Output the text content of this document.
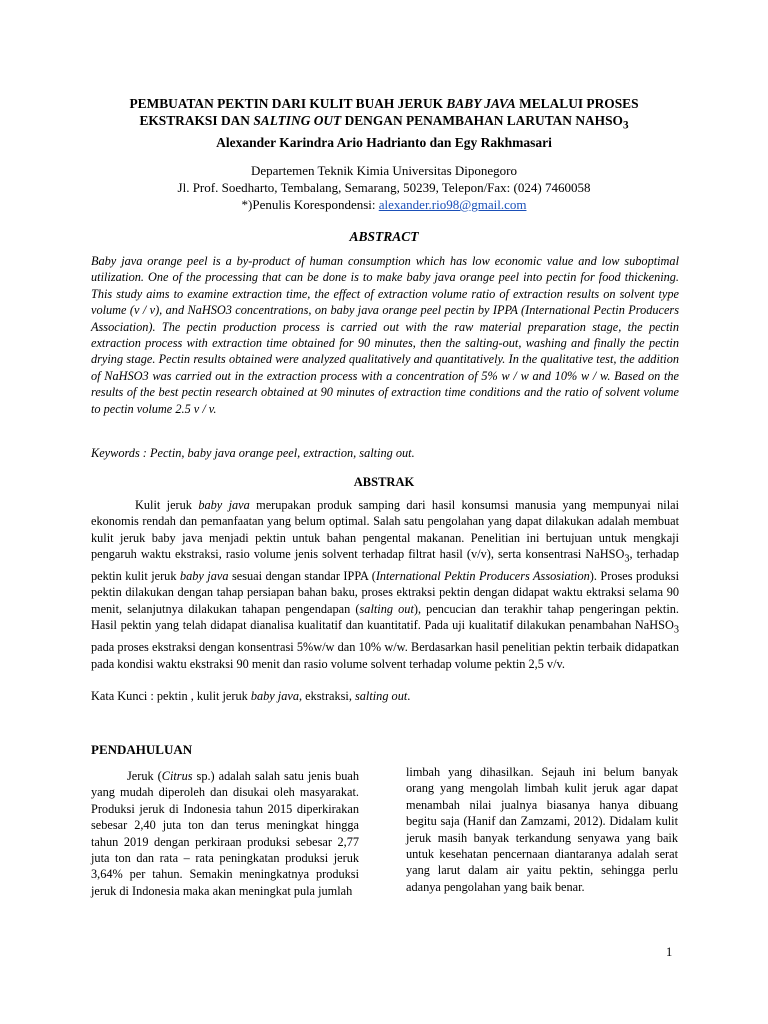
PEMBUATAN PEKTIN DARI KULIT BUAH JERUK BABY JAVA MELALUI PROSES
EKSTRAKSI DAN SALTING OUT DENGAN PENAMBAHAN LARUTAN $NAHSO_3$
Alexander Karindra Ario Hadrianto dan Egy Rakhmasari
Departemen Teknik Kimia Universitas Diponegoro
Jl. Prof. Soedharto, Tembalang, Semarang, 50239, Telepon/Fax: (024) 7460058
*)Penulis Korespondensi: alexander.rio98@gmail.com
ABSTRACT
Baby java orange peel is a by-product of human consumption which has low economic value and low suboptimal utilization. One of the processing that can be done is to make baby java orange peel into pectin for food thickening. This study aims to examine extraction time, the effect of extraction volume ratio of extraction results on solvent type volume (v / v), and NaHSO3 concentrations, on baby java orange peel pectin by IPPA (International Pectin Producers Association). The pectin production process is carried out with the raw material preparation stage, the pectin extraction process with extraction time obtained for 90 minutes, then the salting-out, washing and finally the pectin drying stage. Pectin results obtained were analyzed qualitatively and quantitatively. In the qualitative test, the addition of NaHSO3 was carried out in the extraction process with a concentration of 5% w / w and 10% w / w. Based on the results of the best pectin research obtained at 90 minutes of extraction time conditions and the ratio of solvent volume to pectin volume 2.5 v / v.
Keywords : Pectin, baby java orange peel, extraction, salting out.
ABSTRAK
Kulit jeruk baby java merupakan produk samping dari hasil konsumsi manusia yang mempunyai nilai ekonomis rendah dan pemanfaatan yang belum optimal. Salah satu pengolahan yang dapat dilakukan adalah membuat kulit jeruk baby java menjadi pektin untuk bahan pengental makanan. Penelitian ini bertujuan untuk mengkaji pengaruh waktu ekstraksi, rasio volume jenis solvent terhadap filtrat hasil (v/v), serta konsentrasi NaHSO$_3$, terhadap pektin kulit jeruk baby java sesuai dengan standar IPPA (International Pektin Producers Assosiation). Proses produksi pektin dilakukan dengan tahap persiapan bahan baku, proses ektraksi pektin dengan didapat waktu ektraksi selama 90 menit, selanjutnya dilakukan tahapan pengendapan (salting out), pencucian dan terakhir tahap pengeringan pektin. Hasil pektin yang telah didapat dianalisa kualitatif dan kuantitatif. Pada uji kualitatif dilakukan penambahan NaHSO$_3$ pada proses ekstraksi dengan konsentrasi 5%w/w dan 10% w/w. Berdasarkan hasil penelitian pektin terbaik didapatkan pada kondisi waktu ekstraksi 90 menit dan rasio volume solvent terhadap volume pektin 2,5 v/v.
Kata Kunci : pektin , kulit jeruk baby java, ekstraksi, salting out.
PENDAHULUAN
Jeruk (Citrus sp.) adalah salah satu jenis buah yang mudah diperoleh dan disukai oleh masyarakat. Produksi jeruk di Indonesia tahun 2015 diperkirakan sebesar 2,40 juta ton dan terus meningkat hingga tahun 2019 dengan perkiraan produksi sebesar 2,77 juta ton dan rata – rata peningkatan produksi jeruk 3,64% per tahun. Semakin meningkatnya produksi jeruk di Indonesia maka akan meningkat pula jumlah
limbah yang dihasilkan. Sejauh ini belum banyak orang yang mengolah limbah kulit jeruk agar dapat menambah nilai jualnya biasanya hanya dibuang begitu saja (Hanif dan Zamzami, 2012). Didalam kulit jeruk masih banyak terkandung senyawa yang baik untuk kesehatan pencernaan diantaranya adalah serat yang larut dalam air yaitu pektin, sehingga perlu adanya pengolahan yang baik benar.
1
